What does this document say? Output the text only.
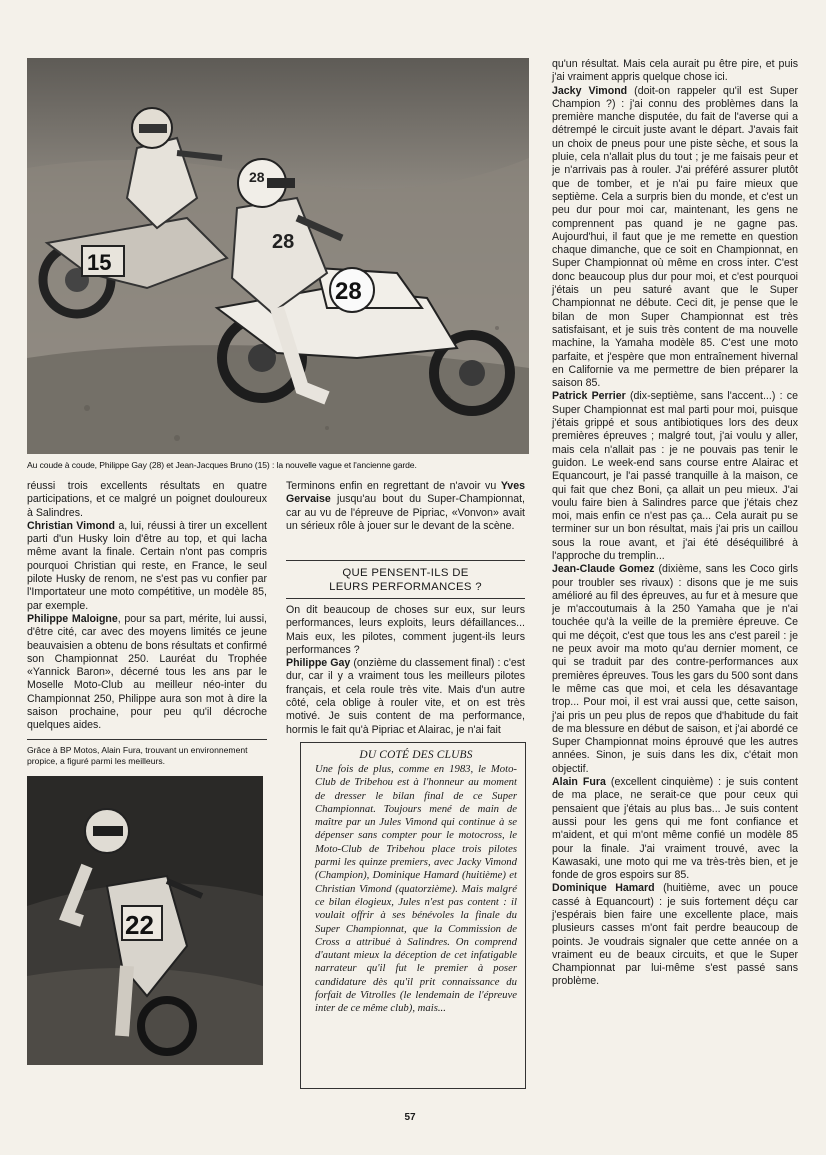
15
28
28
28
Au coude à coude, Philippe Gay (28) et Jean-Jacques Bruno (15) : la nouvelle vague et l'ancienne garde.

réussi trois excellents résultats en quatre participations, et ce malgré un poignet douloureux à Salindres.

Christian Vimond a, lui, réussi à tirer un excellent parti d'un Husky loin d'être au top, et qui lacha même avant la finale. Certain n'ont pas compris pourquoi Christian qui reste, en France, le seul pilote Husky de renom, ne s'est pas vu confier par l'Importateur une moto compétitive, un modèle 85, par exemple.

Philippe Maloigne, pour sa part, mérite, lui aussi, d'être cité, car avec des moyens limités ce jeune beauvaisien a obtenu de bons résultats et confirmé son Championnat 250. Lauréat du Trophée «Yannick Baron», décerné tous les ans par le Moselle Moto-Club au meilleur néo-inter du Championnat 250, Philippe aura son mot à dire la saison prochaine, pour peu qu'il décroche quelques aides.

Grâce à BP Motos, Alain Fura, trouvant un environnement propice, a figuré parmi les meilleurs.
22

Terminons enfin en regrettant de n'avoir vu Yves Gervaise jusqu'au bout du Super-Championnat, car au vu de l'épreuve de Pipriac, «Vonvon» avait un sérieux rôle à jouer sur le devant de la scène.

QUE PENSENT-ILS DE
LEURS PERFORMANCES ?

On dit beaucoup de choses sur eux, sur leurs performances, leurs exploits, leurs défaillances... Mais eux, les pilotes, comment jugent-ils leurs performances ?

Philippe Gay (onzième du classement final) : c'est dur, car il y a vraiment tous les meilleurs pilotes français, et cela roule très vite. Mais d'un autre côté, cela oblige à rouler vite, et on est très motivé. Je suis content de ma performance, hormis le fait qu'à Pipriac et Alairac, je n'ai fait

DU COTÉ DES CLUBS
Une fois de plus, comme en 1983, le Moto-Club de Tribehou est à l'honneur au moment de dresser le bilan final de ce Super Championnat. Toujours mené de main de maître par un Jules Vimond qui continue à se dépenser sans compter pour le motocross, le Moto-Club de Tribehou place trois pilotes parmi les quinze premiers, avec Jacky Vimond (Champion), Dominique Hamard (huitième) et Christian Vimond (quatorzième). Mais malgré ce bilan élogieux, Jules n'est pas content : il voulait offrir à ses bénévoles la finale du Super Championnat, que la Commission de Cross a attribué à Salindres. On comprend d'autant mieux la déception de cet infatigable narrateur qu'il fut le premier à poser candidature dès qu'il prit connaissance du forfait de Vitrolles (le lendemain de l'épreuve inter de ce même club), mais...

qu'un résultat. Mais cela aurait pu être pire, et puis j'ai vraiment appris quelque chose ici.

Jacky Vimond (doit-on rappeler qu'il est Super Champion ?) : j'ai connu des problèmes dans la première manche disputée, du fait de l'averse qui a détrempé le circuit juste avant le départ. J'avais fait un choix de pneus pour une piste sèche, et sous la pluie, cela n'allait plus du tout ; je me faisais peur et je n'arrivais pas à rouler. J'ai préféré assurer plutôt que de tomber, et je n'ai pu faire mieux que septième. Cela a surpris bien du monde, et c'est un peu dur pour moi car, maintenant, les gens ne comprennent pas quand je ne gagne pas. Aujourd'hui, il faut que je me remette en question chaque dimanche, que ce soit en Championnat, en Super Championnat où même en cross inter. C'est donc beaucoup plus dur pour moi, et c'est pourquoi j'étais un peu saturé avant que le Super Championnat ne débute. Ceci dit, je pense que le bilan de mon Super Championnat est très satisfaisant, et je suis très content de ma nouvelle machine, la Yamaha modèle 85. C'est une moto parfaite, et j'espère que mon entraînement hivernal en Californie va me permettre de bien préparer la saison 85.

Patrick Perrier (dix-septième, sans l'accent...) : ce Super Championnat est mal parti pour moi, puisque j'étais grippé et sous antibiotiques lors des deux premières épreuves ; malgré tout, j'ai voulu y aller, mais cela n'allait pas : je ne pouvais pas tenir le guidon. Le week-end sans course entre Alairac et Equancourt, je l'ai passé tranquille à la maison, ce qui fait que chez Boni, ça allait un peu mieux. J'ai voulu faire bien à Salindres parce que j'étais chez moi, mais enfin ce n'est pas ça... Cela aurait pu se terminer sur un bon résultat, mais j'ai pris un caillou sous la roue avant, et j'ai été déséquilibré à l'approche du tremplin...

Jean-Claude Gomez (dixième, sans les Coco girls pour troubler ses rivaux) : disons que je me suis amélioré au fil des épreuves, au fur et à mesure que je m'accoutumais à la 250 Yamaha que je n'ai touchée qu'à la veille de la première épreuve. Ce qui me déçoit, c'est que tous les ans c'est pareil : je ne peux avoir ma moto qu'au dernier moment, ce qui se traduit par des contre-performances aux premières épreuves. Tous les gars du 500 sont dans le même cas que moi, et cela les désavantage trop... Pour moi, il est vrai aussi que, cette saison, j'ai pris un peu plus de repos que d'habitude du fait de ma blessure en début de saison, et j'ai abordé ce Super Championnat moins éprouvé que les autres années. Sinon, je suis dans les dix, c'était mon objectif.

Alain Fura (excellent cinquième) : je suis content de ma place, ne serait-ce que pour ceux qui pensaient que j'étais au plus bas... Je suis content aussi pour les gens qui me font confiance et m'aident, et qui m'ont même confié un modèle 85 pour la finale. J'ai vraiment trouvé, avec la Kawasaki, une moto qui me va très-très bien, et je fonde de gros espoirs sur 85.

Dominique Hamard (huitième, avec un pouce cassé à Equancourt) : je suis fortement déçu car j'espérais bien faire une excellente place, mais plusieurs casses m'ont fait perdre beaucoup de points. Je voudrais signaler que cette année on a vraiment eu de beaux circuits, et que le Super Championnat par lui-même s'est passé sans problème.

57
